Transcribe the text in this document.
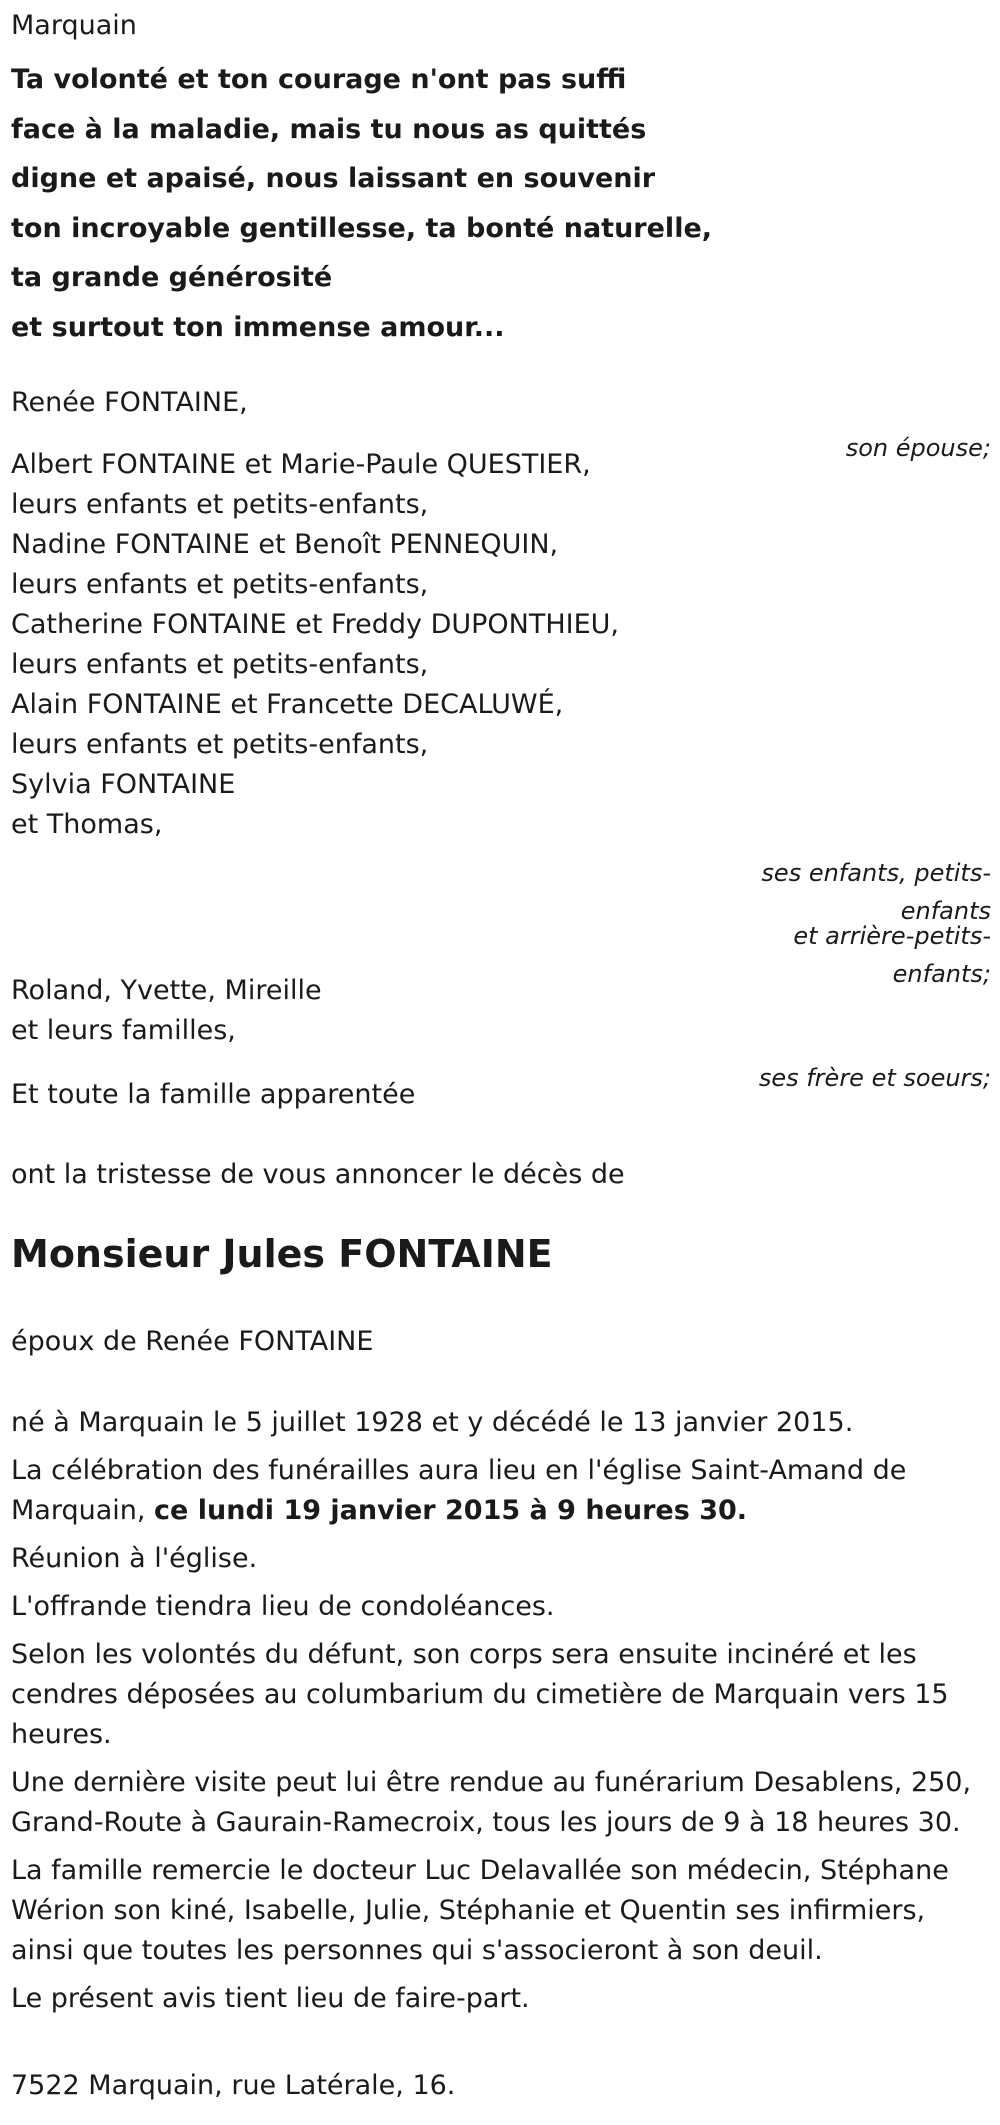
Marquain

Ta volonté et ton courage n'ont pas suffi

face à la maladie, mais tu nous as quittés

digne et apaisé, nous laissant en souvenir

ton incroyable gentillesse, ta bonté naturelle,

ta grande générosité

et surtout ton immense amour...

Renée FONTAINE,

son épouse;

Albert FONTAINE et Marie-Paule QUESTIER,

leurs enfants et petits-enfants,

Nadine FONTAINE et Benoît PENNEQUIN,

leurs enfants et petits-enfants,

Catherine FONTAINE et Freddy DUPONTHIEU,

leurs enfants et petits-enfants,

Alain FONTAINE et Francette DECALUWÉ,

leurs enfants et petits-enfants,

Sylvia FONTAINE

et Thomas,

ses enfants, petits-enfants

et arrière-petits-enfants;

Roland, Yvette, Mireille

et leurs familles,

ses frère et soeurs;

Et toute la famille apparentée

ont la tristesse de vous annoncer le décès de

Monsieur Jules FONTAINE

époux de Renée FONTAINE

né à Marquain le 5 juillet 1928 et y décédé le 13 janvier 2015.

La célébration des funérailles aura lieu en l'église Saint-Amand de Marquain, ce lundi 19 janvier 2015 à 9 heures 30.

Réunion à l'église.

L'offrande tiendra lieu de condoléances.

Selon les volontés du défunt, son corps sera ensuite incinéré et les cendres déposées au columbarium du cimetière de Marquain vers 15 heures.

Une dernière visite peut lui être rendue au funérarium Desablens, 250, Grand-Route à Gaurain-Ramecroix, tous les jours de 9 à 18 heures 30.

La famille remercie le docteur Luc Delavallée son médecin, Stéphane Wérion son kiné, Isabelle, Julie, Stéphanie et Quentin ses infirmiers, ainsi que toutes les personnes qui s'associeront à son deuil.

Le présent avis tient lieu de faire-part.

7522 Marquain, rue Latérale, 16.
